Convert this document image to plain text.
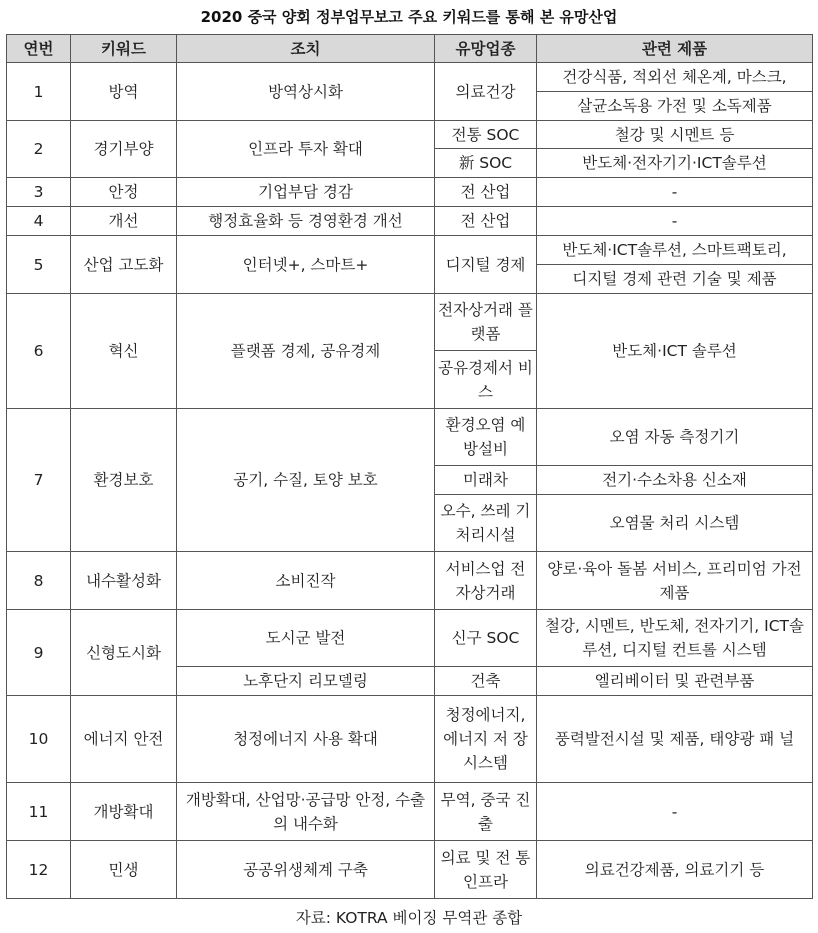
2020 중국 양회 정부업무보고 주요 키워드를 통해 본 유망산업
연번	키워드	조치	유망업종	관련 제품
1	방역	방역상시화	의료건강	건강식품, 적외선 체온계, 마스크,
				살균소독용 가전 및 소독제품
2	경기부양	인프라 투자 확대	전통 SOC	철강 및 시멘트 등
			新 SOC	반도체·전자기기·ICT솔루션
3	안정	기업부담 경감	전 산업	-
4	개선	행정효율화 등 경영환경 개선	전 산업	-
5	산업 고도화	인터넷+, 스마트+	디지털 경제	반도체·ICT솔루션, 스마트팩토리,
				디지털 경제 관련 기술 및 제품
6	혁신	플랫폼 경제, 공유경제	전자상거래 플랫폼	반도체·ICT 솔루션
			공유경제서 비스	
7	환경보호	공기, 수질, 토양 보호	환경오염 예 방설비	오염 자동 측정기기
			미래차	전기·수소차용 신소재
			오수, 쓰레 기 처리시설	오염물 처리 시스템
8	내수활성화	소비진작	서비스업 전 자상거래	양로·육아 돌봄 서비스, 프리미엄 가전제품
9	신형도시화	도시군 발전	신구 SOC	철강, 시멘트, 반도체, 전자기기, ICT솔루션, 디지털 컨트롤 시스템
		노후단지 리모델링	건축	엘리베이터 및 관련부품
10	에너지 안전	청정에너지 사용 확대	청정에너지, 에너지 저 장 시스템	풍력발전시설 및 제품, 태양광 패 널
11	개방확대	개방확대, 산업망·공급망 안정, 수출의 내수화	무역, 중국 진출	-
12	민생	공공위생체계 구축	의료 및 전 통 인프라	의료건강제품, 의료기기 등
자료: KOTRA 베이징 무역관 종합
